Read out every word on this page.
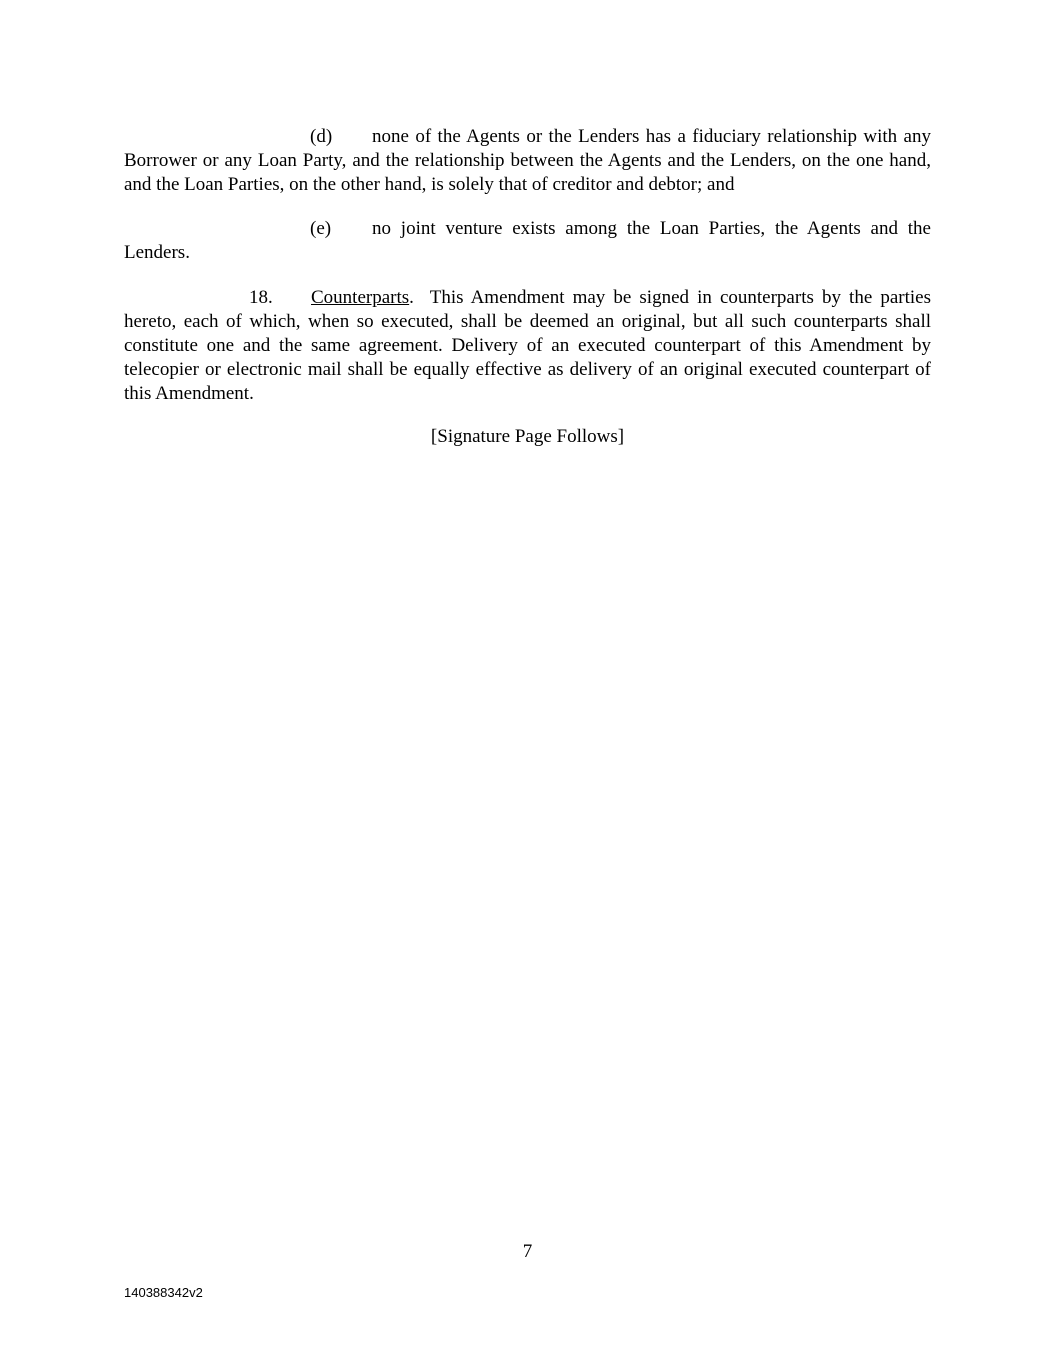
(d) none of the Agents or the Lenders has a fiduciary relationship with any Borrower or any Loan Party, and the relationship between the Agents and the Lenders, on the one hand, and the Loan Parties, on the other hand, is solely that of creditor and debtor; and

(e) no joint venture exists among the Loan Parties, the Agents and the Lenders.

18. Counterparts. This Amendment may be signed in counterparts by the parties hereto, each of which, when so executed, shall be deemed an original, but all such counterparts shall constitute one and the same agreement. Delivery of an executed counterpart of this Amendment by telecopier or electronic mail shall be equally effective as delivery of an original executed counterpart of this Amendment.

[Signature Page Follows]

7

140388342v2
